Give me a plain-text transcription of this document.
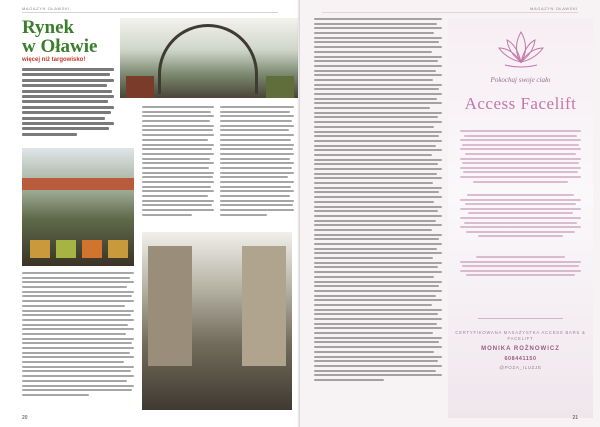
MAGAZYN OŁAWSKI
Rynek
w Oławie
więcej niż targowisko!
20
MAGAZYN OŁAWSKI
Pokochaj swoje ciało
Access Facelift
CERTYFIKOWANA MASAŻYSTKA ACCESS BARS & FACELIFT
MONIKA ROŻNOWICZ
608441150
@POZA_ILUZJE
21
